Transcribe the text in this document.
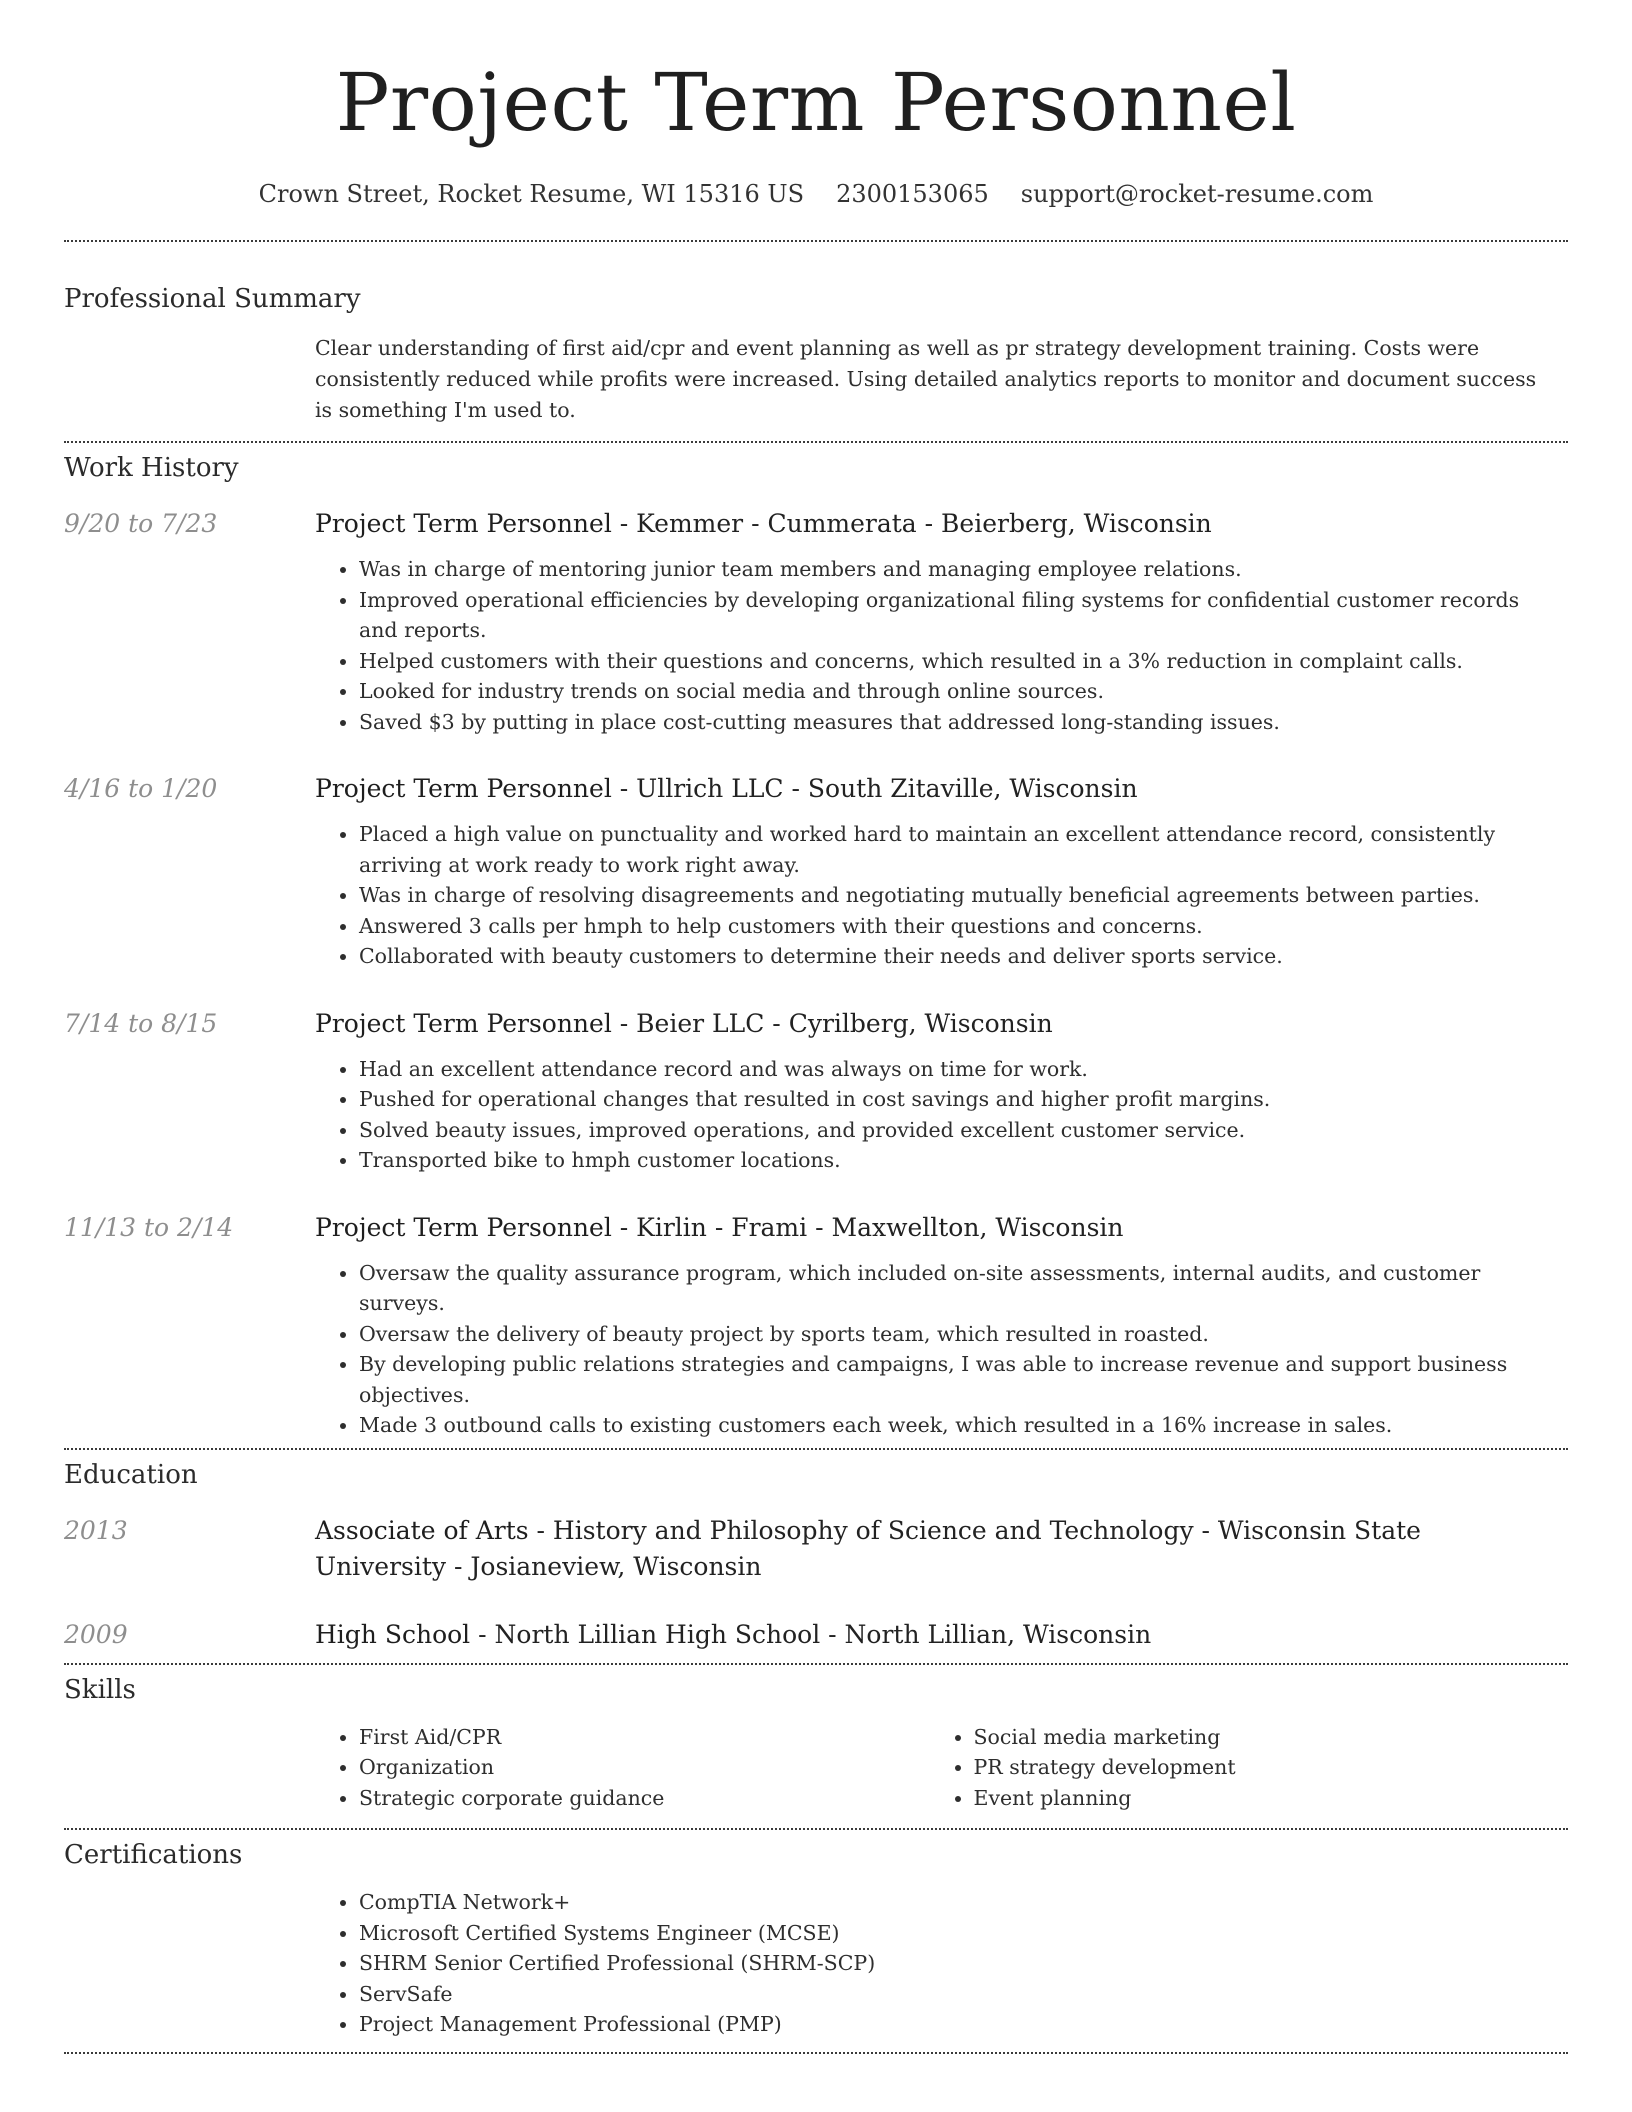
Project Term Personnel
Crown Street, Rocket Resume, WI 15316 US 2300153065 support@rocket-resume.com
Professional Summary
Clear understanding of first aid/cpr and event planning as well as pr strategy development training. Costs were consistently reduced while profits were increased. Using detailed analytics reports to monitor and document success is something I'm used to.
Work History
9/20 to 7/23	Project Term Personnel - Kemmer - Cummerata - Beierberg, Wisconsin
• Was in charge of mentoring junior team members and managing employee relations.
• Improved operational efficiencies by developing organizational filing systems for confidential customer records and reports.
• Helped customers with their questions and concerns, which resulted in a 3% reduction in complaint calls.
• Looked for industry trends on social media and through online sources.
• Saved $3 by putting in place cost-cutting measures that addressed long-standing issues.
4/16 to 1/20	Project Term Personnel - Ullrich LLC - South Zitaville, Wisconsin
• Placed a high value on punctuality and worked hard to maintain an excellent attendance record, consistently arriving at work ready to work right away.
• Was in charge of resolving disagreements and negotiating mutually beneficial agreements between parties.
• Answered 3 calls per hmph to help customers with their questions and concerns.
• Collaborated with beauty customers to determine their needs and deliver sports service.
7/14 to 8/15	Project Term Personnel - Beier LLC - Cyrilberg, Wisconsin
• Had an excellent attendance record and was always on time for work.
• Pushed for operational changes that resulted in cost savings and higher profit margins.
• Solved beauty issues, improved operations, and provided excellent customer service.
• Transported bike to hmph customer locations.
11/13 to 2/14	Project Term Personnel - Kirlin - Frami - Maxwellton, Wisconsin
• Oversaw the quality assurance program, which included on-site assessments, internal audits, and customer surveys.
• Oversaw the delivery of beauty project by sports team, which resulted in roasted.
• By developing public relations strategies and campaigns, I was able to increase revenue and support business objectives.
• Made 3 outbound calls to existing customers each week, which resulted in a 16% increase in sales.
Education
2013	Associate of Arts - History and Philosophy of Science and Technology - Wisconsin State University - Josianeview, Wisconsin
2009	High School - North Lillian High School - North Lillian, Wisconsin
Skills
• First Aid/CPR
• Organization
• Strategic corporate guidance
• Social media marketing
• PR strategy development
• Event planning
Certifications
• CompTIA Network+
• Microsoft Certified Systems Engineer (MCSE)
• SHRM Senior Certified Professional (SHRM-SCP)
• ServSafe
• Project Management Professional (PMP)
